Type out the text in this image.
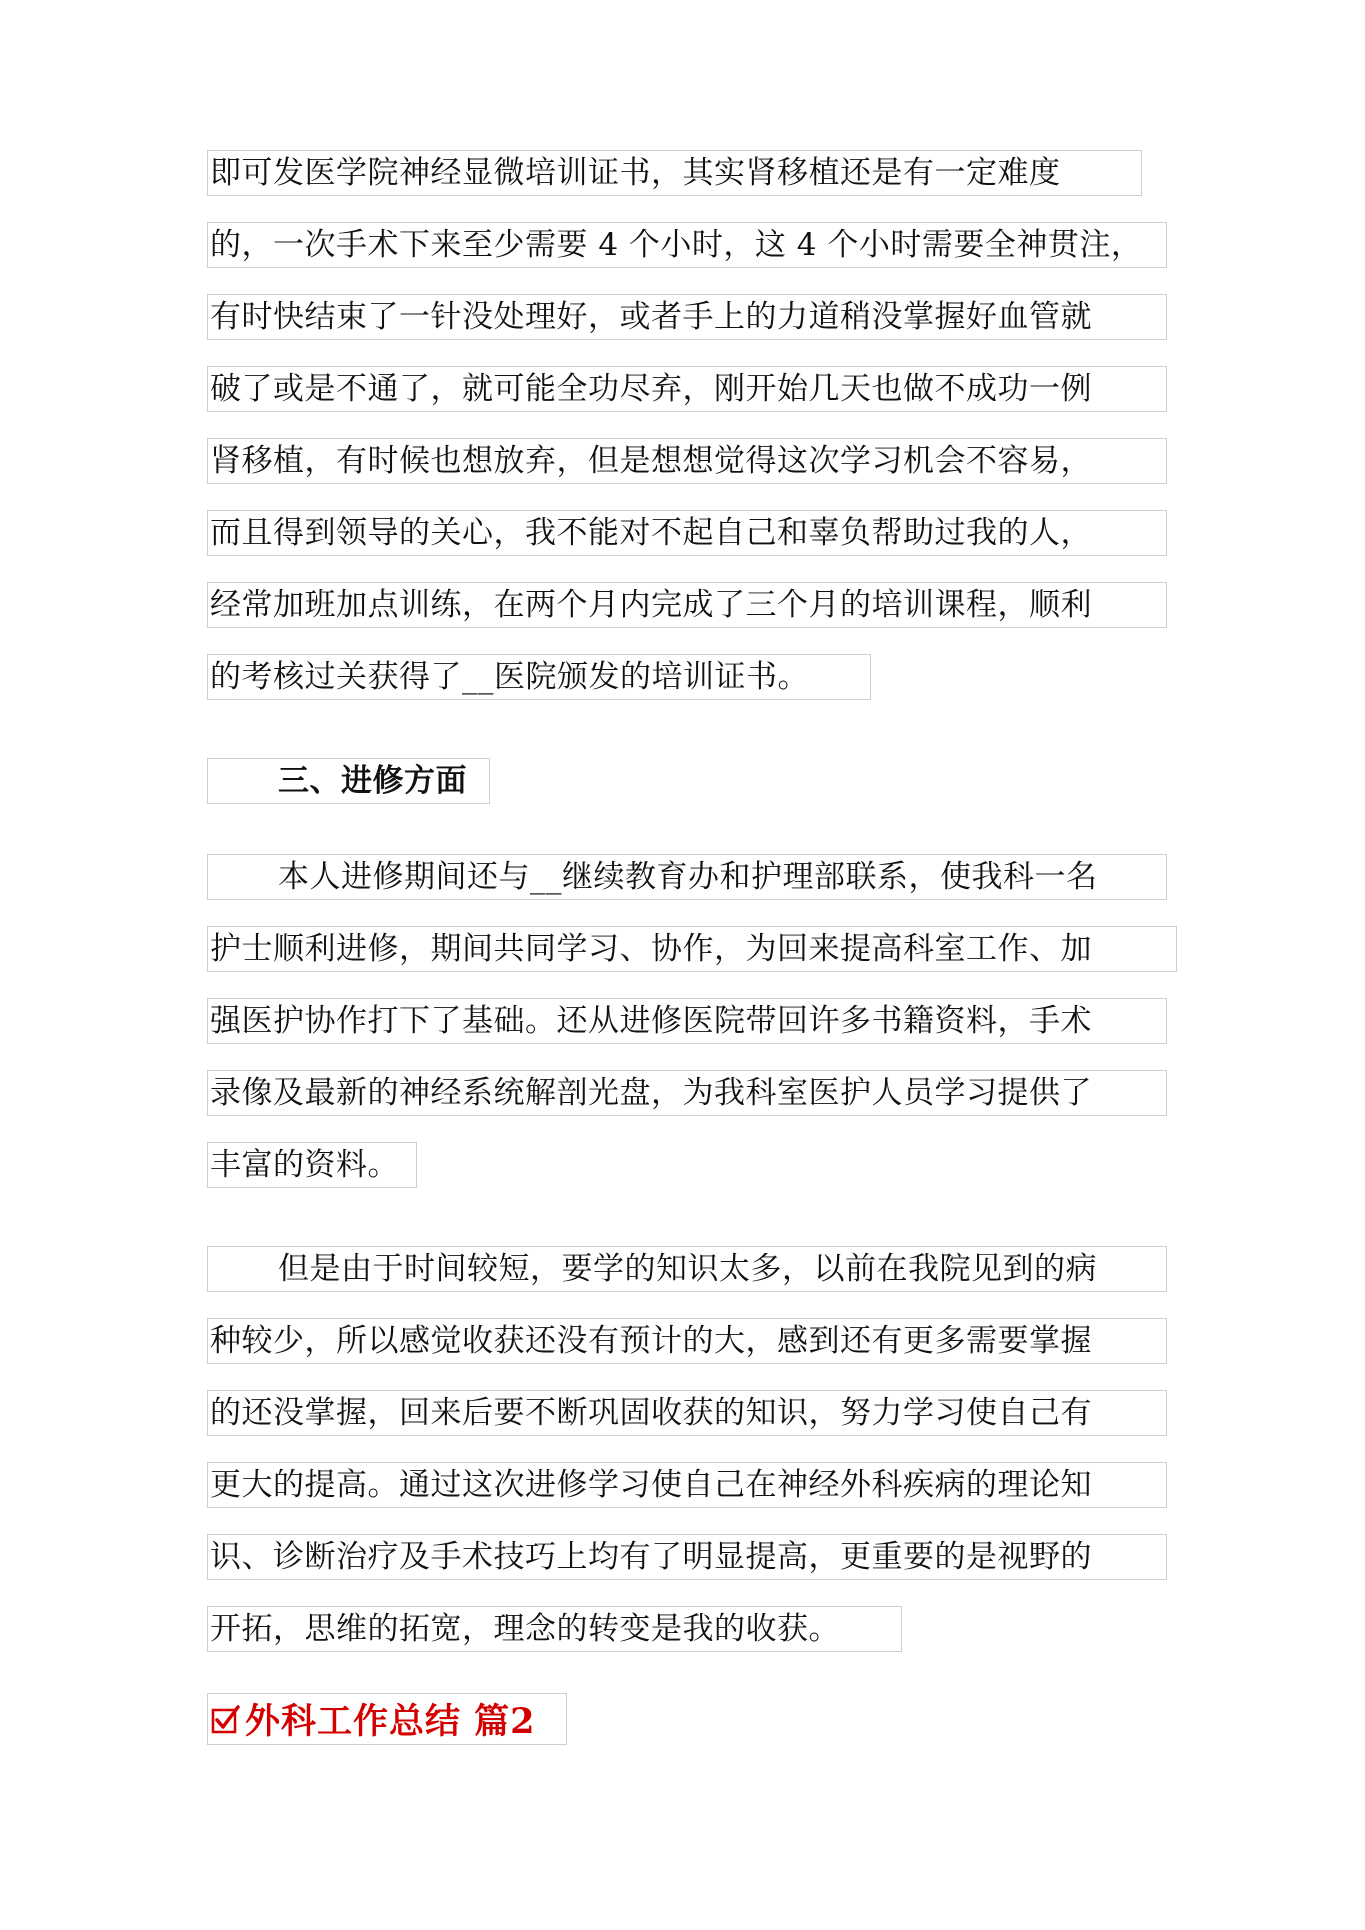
即可发医学院神经显微培训证书，其实肾移植还是有一定难度
的，一次手术下来至少需要 4 个小时，这 4 个小时需要全神贯注，
有时快结束了一针没处理好，或者手上的力道稍没掌握好血管就
破了或是不通了，就可能全功尽弃，刚开始几天也做不成功一例
肾移植，有时候也想放弃，但是想想觉得这次学习机会不容易，
而且得到领导的关心，我不能对不起自己和辜负帮助过我的人，
经常加班加点训练，在两个月内完成了三个月的培训课程，顺利
的考核过关获得了__医院颁发的培训证书。
三、进修方面
本人进修期间还与__继续教育办和护理部联系，使我科一名
护士顺利进修，期间共同学习、协作，为回来提高科室工作、加
强医护协作打下了基础。还从进修医院带回许多书籍资料，手术
录像及最新的神经系统解剖光盘，为我科室医护人员学习提供了
丰富的资料。
但是由于时间较短，要学的知识太多，以前在我院见到的病
种较少，所以感觉收获还没有预计的大，感到还有更多需要掌握
的还没掌握，回来后要不断巩固收获的知识，努力学习使自己有
更大的提高。通过这次进修学习使自己在神经外科疾病的理论知
识、诊断治疗及手术技巧上均有了明显提高，更重要的是视野的
开拓，思维的拓宽，理念的转变是我的收获。
外科工作总结 篇2
